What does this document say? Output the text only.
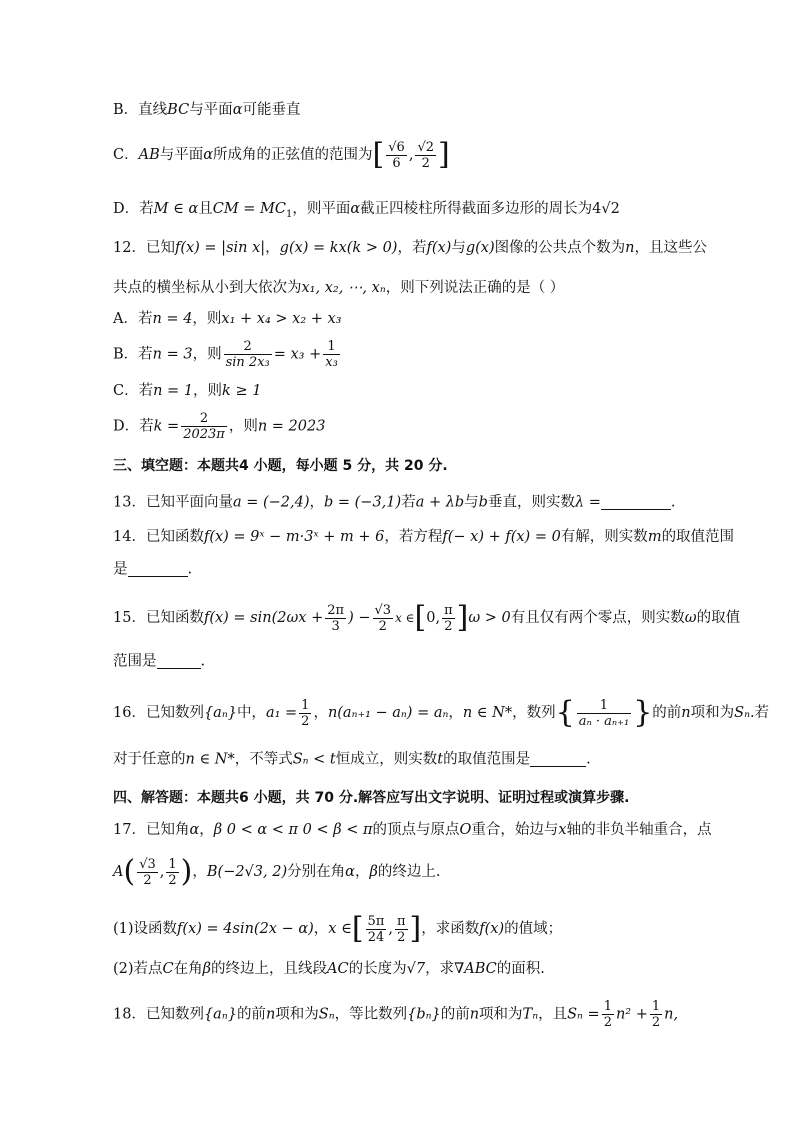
B．直线BC与平面α可能垂直
C．AB与平面α所成角的正弦值的范围为[ $\frac{√6}{6}$ , $\frac{√2}{2}$ ]
D．若M ∈ α且CM = $MC_1$，则平面α截正四棱柱所得截面多边形的周长为4√2
12．已知f(x) = |sin x|，g(x) = kx(k > 0)，若f(x)与g(x)图像的公共点个数为n，且这些公
共点的横坐标从小到大依次为x₁, x₂, ⋯, xₙ，则下列说法正确的是（ ）
A．若n = 4，则x₁ + x₄ > x₂ + x₃
B．若n = 3，则 $\frac{2}{\text{sin 2x₃}} = x_3 + \frac{1}{\text{x₃}}$
C．若n = 1，则k ≥ 1
D．若$k = \frac{2}{2023\pi}$ ，则n = 2023
三、填空题：本题共4 小题，每小题 5 分，共 20 分.
13．已知平面向量a = (−2,4)，b = (−3,1)若a + λb与b垂直，则实数λ =	.
14．已知函数f(x) = 9ˣ − m·3ˣ + m + 6，若方程f(− x) + f(x) = 0有解，则实数m的取值范围
是	.
15．已知函数$f(x) = \sin(2\omega x + \frac{2\pi}{3}$ ) − $\frac{√3}{2}$ x ∈[0, $\frac{\pi}{2} ]\omega > 0$有且仅有两个零点，则实数ω的取值
范围是	.
16．已知数列{aₙ}中，$a_1 = \frac{1}{2}$ ，n(aₙ₊₁ − aₙ) = aₙ，n ∈ N*，数列{ $\frac{1}{\text{aₙ · aₙ₊₁}}$ }的前n项和为Sₙ.若
对于任意的n ∈ N*，不等式Sₙ < t恒成立，则实数t的取值范围是	.
四、解答题：本题共6 小题，共 70 分.解答应写出文字说明、证明过程或演算步骤.
17．已知角α，β 0 < α < π 0 < β < π的顶点与原点O重合，始边与x轴的非负半轴重合，点
$A( \frac{√3}{2}$ , $\frac{1}{2}$ )，B(−2√3, 2)分别在角α，β的终边上.
(1)设函数f(x) = 4sin(2x − α)，x ∈[ $\frac{5\pi}{24}$ , $\frac{\pi}{2}$ ]，求函数f(x)的值域；
(2)若点C在角β的终边上，且线段AC的长度为√7，求∇ABC的面积.
18．已知数列{aₙ}的前n项和为Sₙ，等比数列{bₙ}的前n项和为Tₙ，且$S_n = \frac{1}{2} n^2 + \frac{1}{2} n$,
